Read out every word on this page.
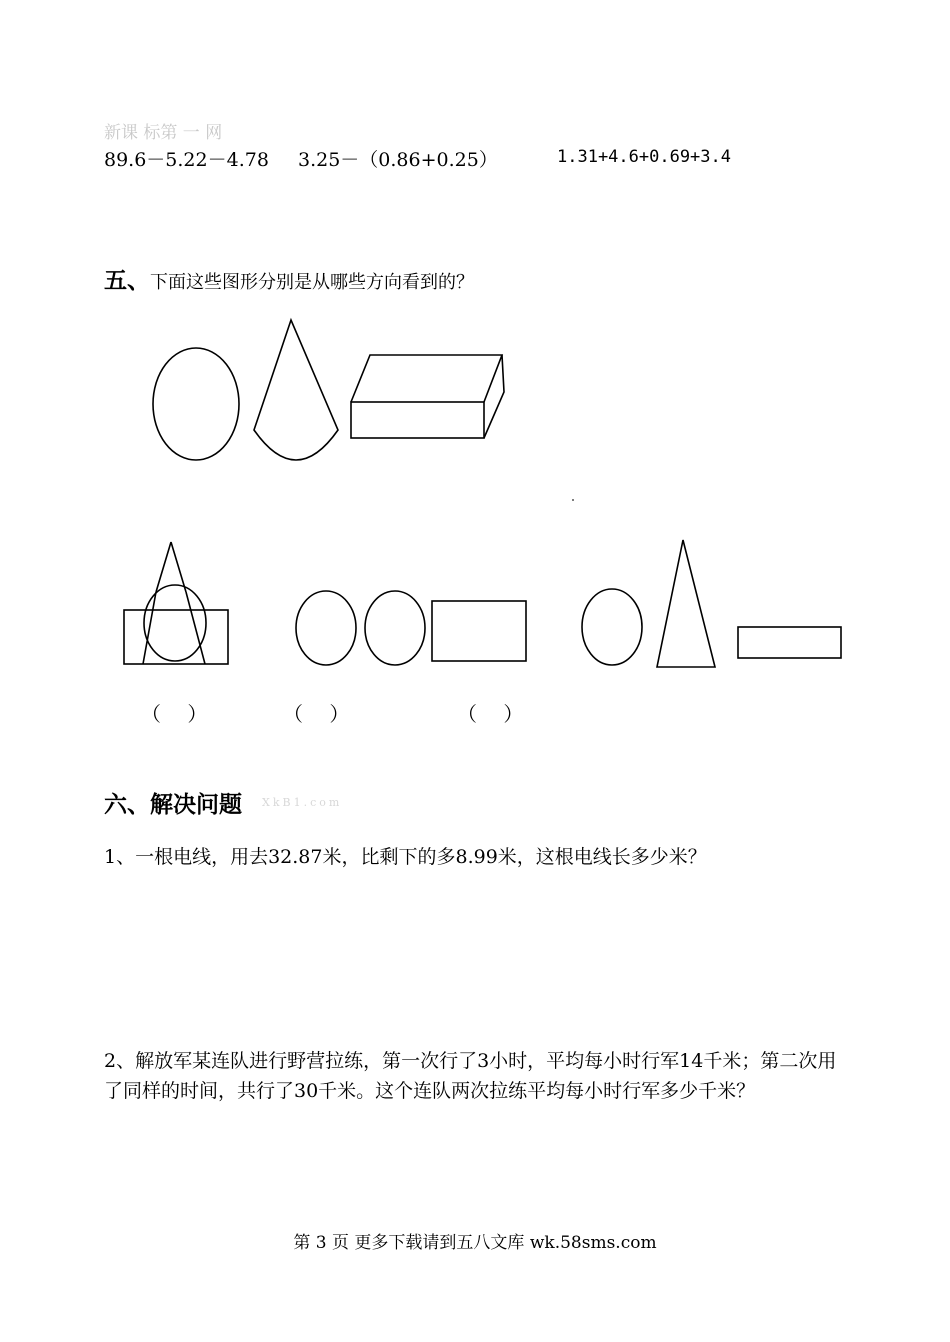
新课 标第 一 网
89.6－5.22－4.78 3.25－（0.86+0.25）	1.31+4.6+0.69+3.4
五、下面这些图形分别是从哪些方向看到的？
（　 ）	（　 ）	（　 ）
六、解决问题 XkB1.com
1、一根电线，用去32.87米，比剩下的多8.99米，这根电线长多少米？
2、解放军某连队进行野营拉练，第一次行了3小时，平均每小时行军14千米；第二次用了同样的时间，共行了30千米。这个连队两次拉练平均每小时行军多少千米？
第 3 页 更多下载请到五八文库 wk.58sms.com
